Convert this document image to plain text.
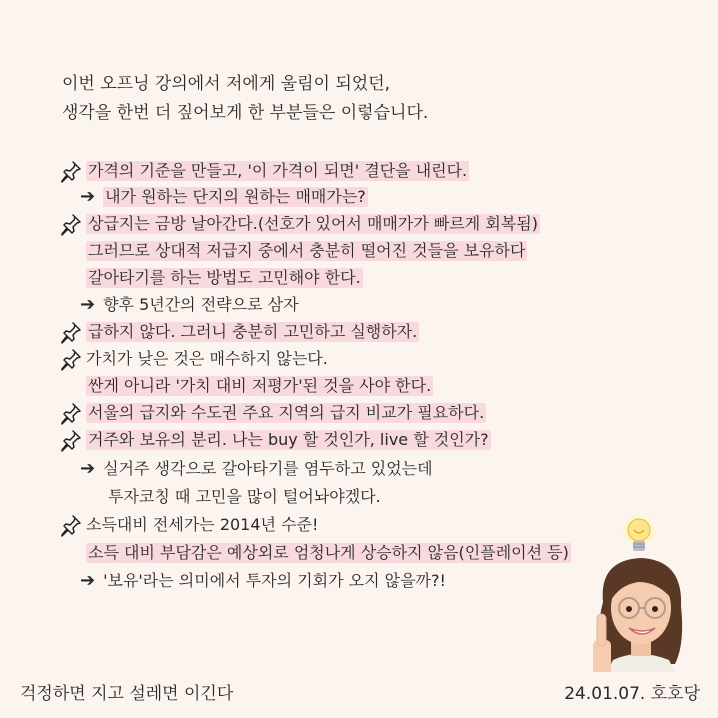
이번 오프닝 강의에서 저에게 울림이 되었던,
생각을 한번 더 짚어보게 한 부분들은 이렇습니다.
가격의 기준을 만들고, '이 가격이 되면' 결단을 내린다.
➔ 내가 원하는 단지의 원하는 매매가는?
상급지는 금방 날아간다.(선호가 있어서 매매가가 빠르게 회복됨)
그러므로 상대적 저급지 중에서 충분히 떨어진 것들을 보유하다
갈아타기를 하는 방법도 고민해야 한다.
➔ 향후 5년간의 전략으로 삼자
급하지 않다. 그러니 충분히 고민하고 실행하자.
가치가 낮은 것은 매수하지 않는다.
싼게 아니라 '가치 대비 저평가'된 것을 사야 한다.
서울의 급지와 수도권 주요 지역의 급지 비교가 필요하다.
거주와 보유의 분리. 나는 buy 할 것인가, live 할 것인가?
➔ 실거주 생각으로 갈아타기를 염두하고 있었는데
투자코칭 때 고민을 많이 털어놔야겠다.
소득대비 전세가는 2014년 수준!
소득 대비 부담감은 예상외로 엄청나게 상승하지 않음(인플레이션 등)
➔ '보유'라는 의미에서 투자의 기회가 오지 않을까?!
걱정하면 지고 설레면 이긴다	24.01.07. 호호당
